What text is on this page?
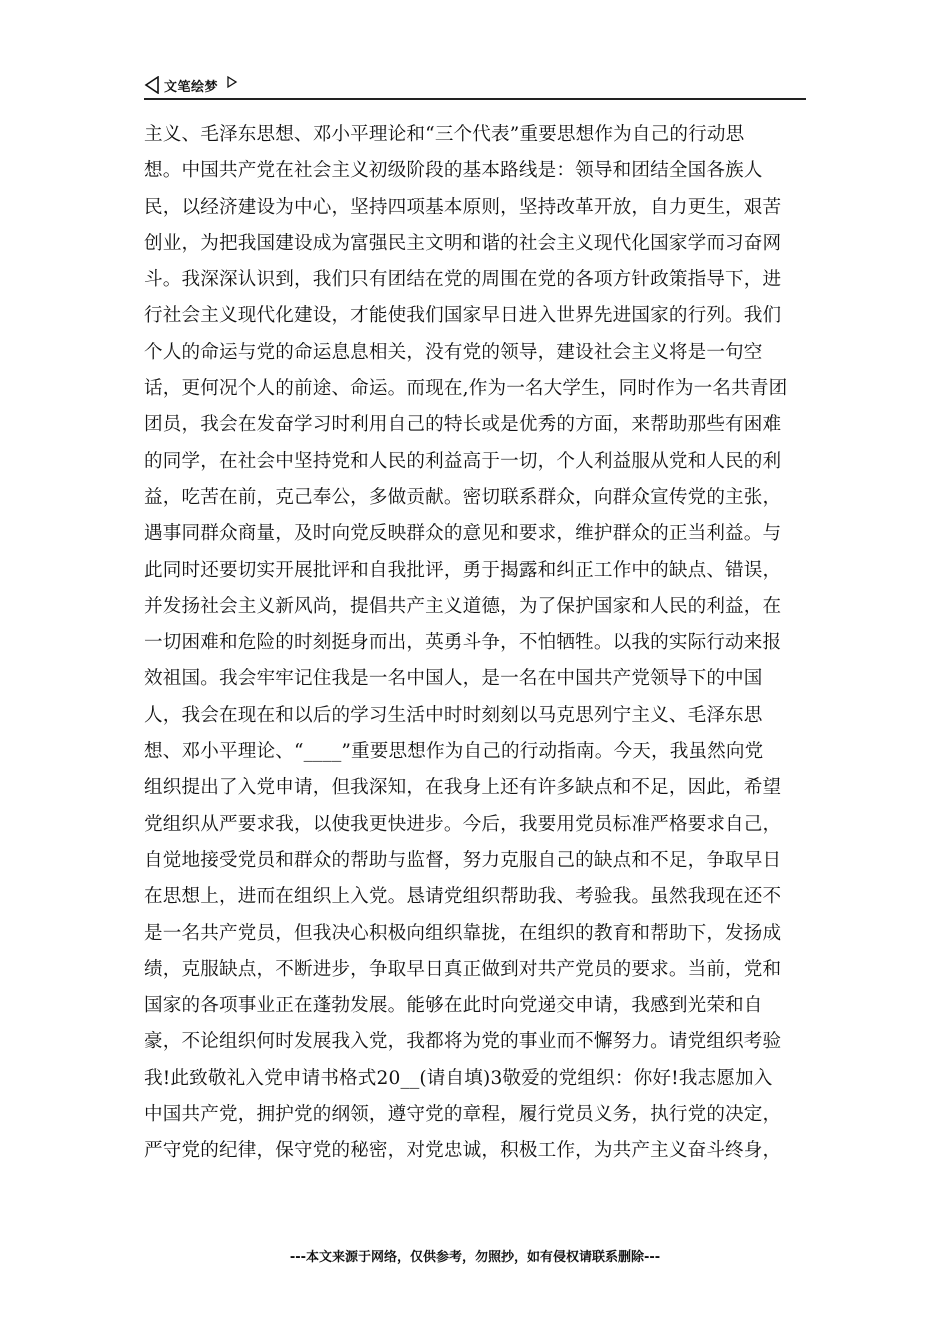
文笔绘梦
主义、毛泽东思想、邓小平理论和“三个代表”重要思想作为自己的行动思
想。中国共产党在社会主义初级阶段的基本路线是：领导和团结全国各族人
民，以经济建设为中心，坚持四项基本原则，坚持改革开放，自力更生，艰苦
创业，为把我国建设成为富强民主文明和谐的社会主义现代化国家学而习奋网
斗。我深深认识到，我们只有团结在党的周围在党的各项方针政策指导下，进
行社会主义现代化建设，才能使我们国家早日进入世界先进国家的行列。我们
个人的命运与党的命运息息相关，没有党的领导，建设社会主义将是一句空
话，更何况个人的前途、命运。而现在,作为一名大学生，同时作为一名共青团
团员，我会在发奋学习时利用自己的特长或是优秀的方面，来帮助那些有困难
的同学，在社会中坚持党和人民的利益高于一切，个人利益服从党和人民的利
益，吃苦在前，克己奉公，多做贡献。密切联系群众，向群众宣传党的主张，
遇事同群众商量，及时向党反映群众的意见和要求，维护群众的正当利益。与
此同时还要切实开展批评和自我批评，勇于揭露和纠正工作中的缺点、错误，
并发扬社会主义新风尚，提倡共产主义道德，为了保护国家和人民的利益，在
一切困难和危险的时刻挺身而出，英勇斗争，不怕牺牲。以我的实际行动来报
效祖国。我会牢牢记住我是一名中国人，是一名在中国共产党领导下的中国
人，我会在现在和以后的学习生活中时时刻刻以马克思列宁主义、毛泽东思
想、邓小平理论、“____”重要思想作为自己的行动指南。今天，我虽然向党
组织提出了入党申请，但我深知，在我身上还有许多缺点和不足，因此，希望
党组织从严要求我，以使我更快进步。今后，我要用党员标准严格要求自己，
自觉地接受党员和群众的帮助与监督，努力克服自己的缺点和不足，争取早日
在思想上，进而在组织上入党。恳请党组织帮助我、考验我。虽然我现在还不
是一名共产党员，但我决心积极向组织靠拢，在组织的教育和帮助下，发扬成
绩，克服缺点，不断进步，争取早日真正做到对共产党员的要求。当前，党和
国家的各项事业正在蓬勃发展。能够在此时向党递交申请，我感到光荣和自
豪，不论组织何时发展我入党，我都将为党的事业而不懈努力。请党组织考验
我!此致敬礼入党申请书格式20__(请自填)3敬爱的党组织：你好!我志愿加入
中国共产党，拥护党的纲领，遵守党的章程，履行党员义务，执行党的决定，
严守党的纪律，保守党的秘密，对党忠诚，积极工作，为共产主义奋斗终身，
---本文来源于网络，仅供参考，勿照抄，如有侵权请联系删除---
